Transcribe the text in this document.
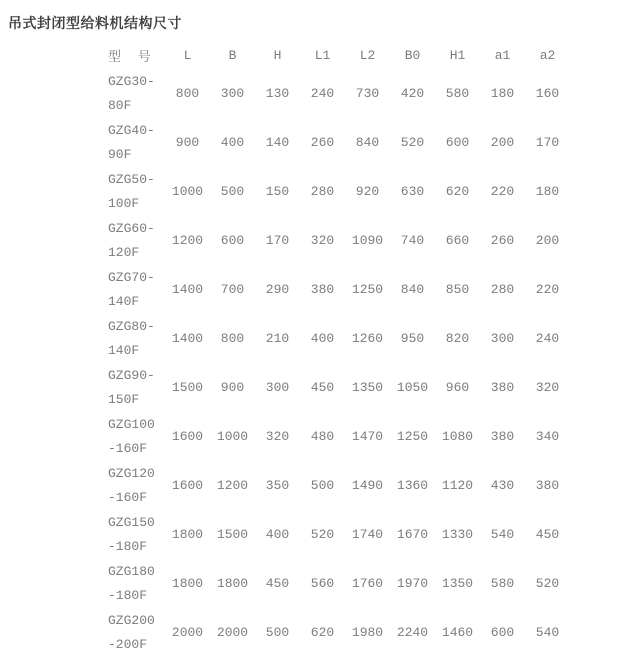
吊式封闭型给料机结构尺寸
型 号	L	B	H	L1	L2	B0	H1	a1	a2

GZG30-
80F	800	300	130	240	730	420	580	180	160

GZG40-
90F	900	400	140	260	840	520	600	200	170

GZG50-
100F	1000	500	150	280	920	630	620	220	180

GZG60-
120F	1200	600	170	320	1090	740	660	260	200

GZG70-
140F	1400	700	290	380	1250	840	850	280	220

GZG80-
140F	1400	800	210	400	1260	950	820	300	240

GZG90-
150F	1500	900	300	450	1350	1050	960	380	320

GZG100
-160F	1600	1000	320	480	1470	1250	1080	380	340

GZG120
-160F	1600	1200	350	500	1490	1360	1120	430	380

GZG150
-180F	1800	1500	400	520	1740	1670	1330	540	450

GZG180
-180F	1800	1800	450	560	1760	1970	1350	580	520

GZG200
-200F	2000	2000	500	620	1980	2240	1460	600	540
